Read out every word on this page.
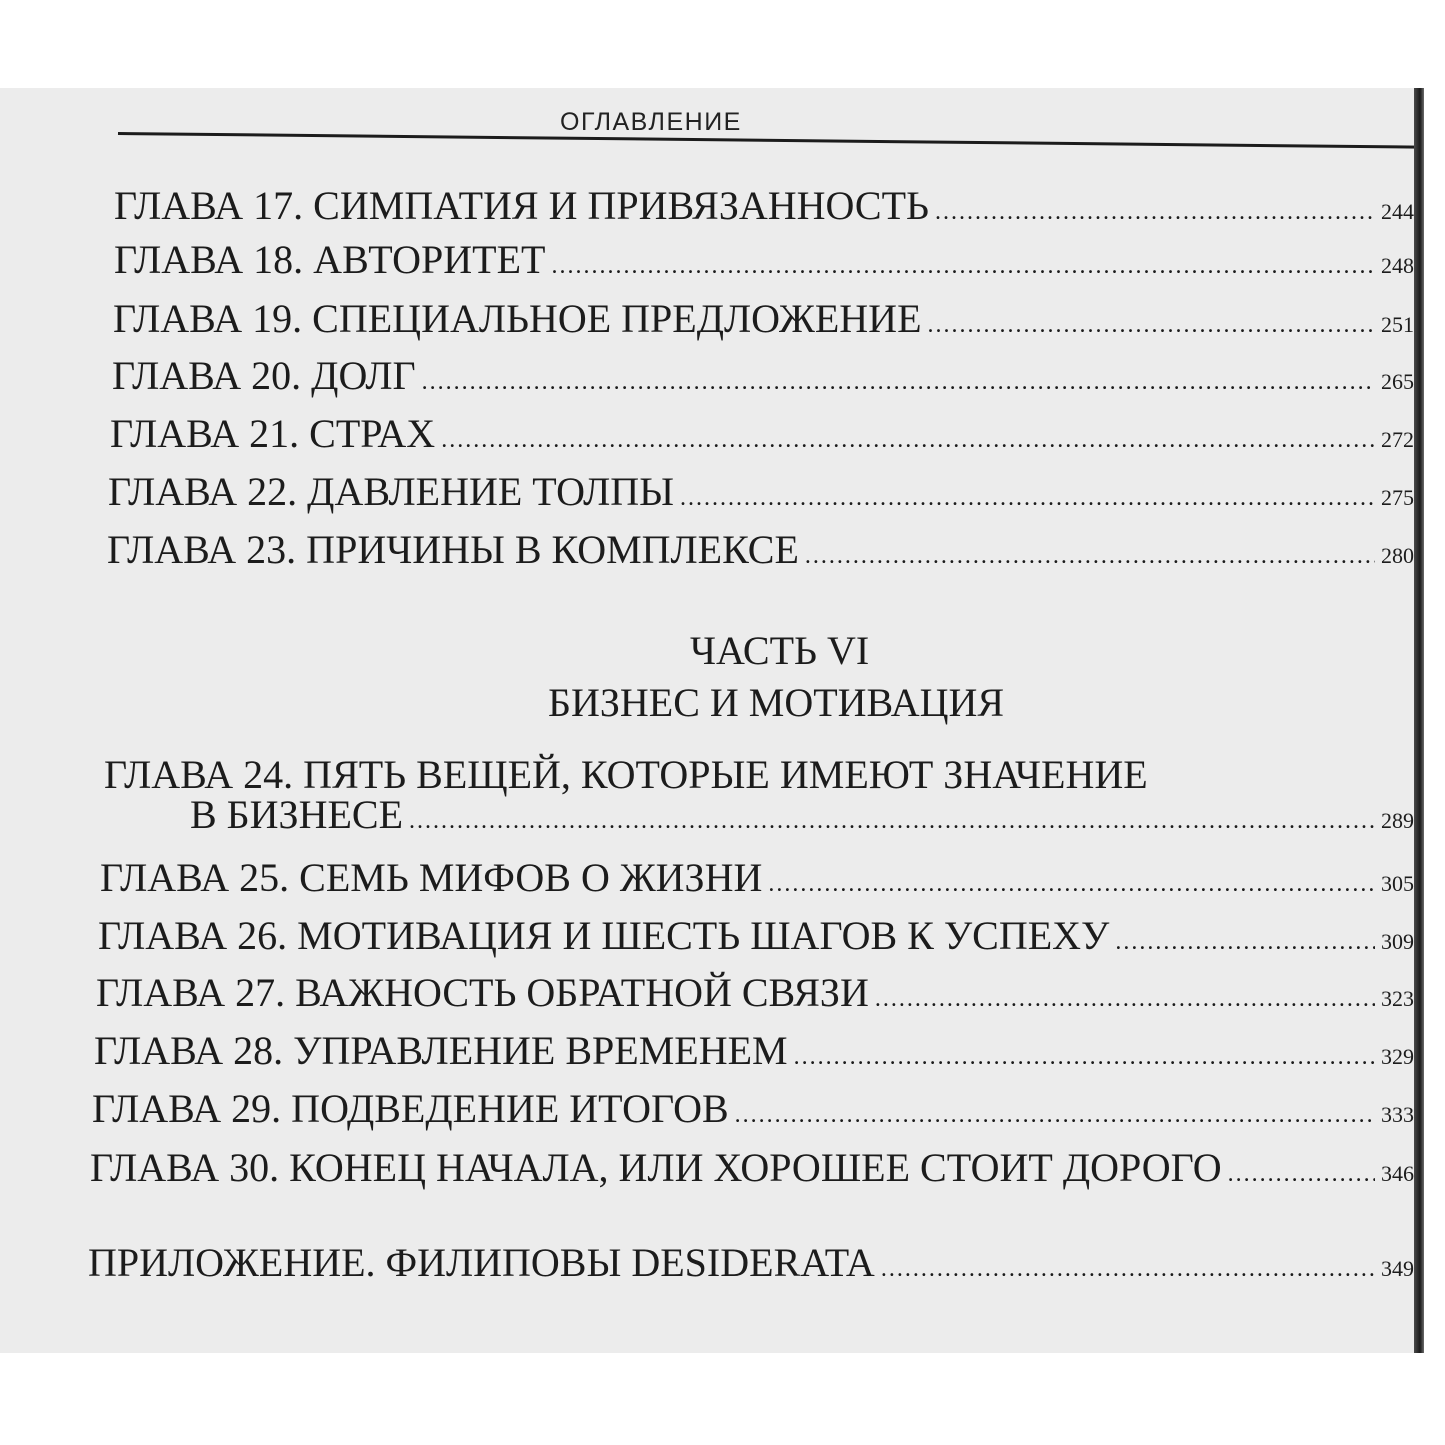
ОГЛАВЛЕНИЕ
ГЛАВА 17. СИМПАТИЯ И ПРИВЯЗАННОСТЬ .....	244
ГЛАВА 18. АВТОРИТЕТ .....	248
ГЛАВА 19. СПЕЦИАЛЬНОЕ ПРЕДЛОЖЕНИЕ .....	251
ГЛАВА 20. ДОЛГ .....	265
ГЛАВА 21. СТРАХ .....	272
ГЛАВА 22. ДАВЛЕНИЕ ТОЛПЫ .....	275
ГЛАВА 23. ПРИЧИНЫ В КОМПЛЕКСЕ .....	280
ЧАСТЬ VI
БИЗНЕС И МОТИВАЦИЯ
ГЛАВА 24. ПЯТЬ ВЕЩЕЙ, КОТОРЫЕ ИМЕЮТ ЗНАЧЕНИЕ
В БИЗНЕСЕ .....	289
ГЛАВА 25. СЕМЬ МИФОВ О ЖИЗНИ .....	305
ГЛАВА 26. МОТИВАЦИЯ И ШЕСТЬ ШАГОВ К УСПЕХУ .....	309
ГЛАВА 27. ВАЖНОСТЬ ОБРАТНОЙ СВЯЗИ .....	323
ГЛАВА 28. УПРАВЛЕНИЕ ВРЕМЕНЕМ .....	329
ГЛАВА 29. ПОДВЕДЕНИЕ ИТОГОВ .....	333
ГЛАВА 30. КОНЕЦ НАЧАЛА, ИЛИ ХОРОШЕЕ СТОИТ ДОРОГО .....	346
ПРИЛОЖЕНИЕ. ФИЛИПОВЫ DESIDERATA .....	349
